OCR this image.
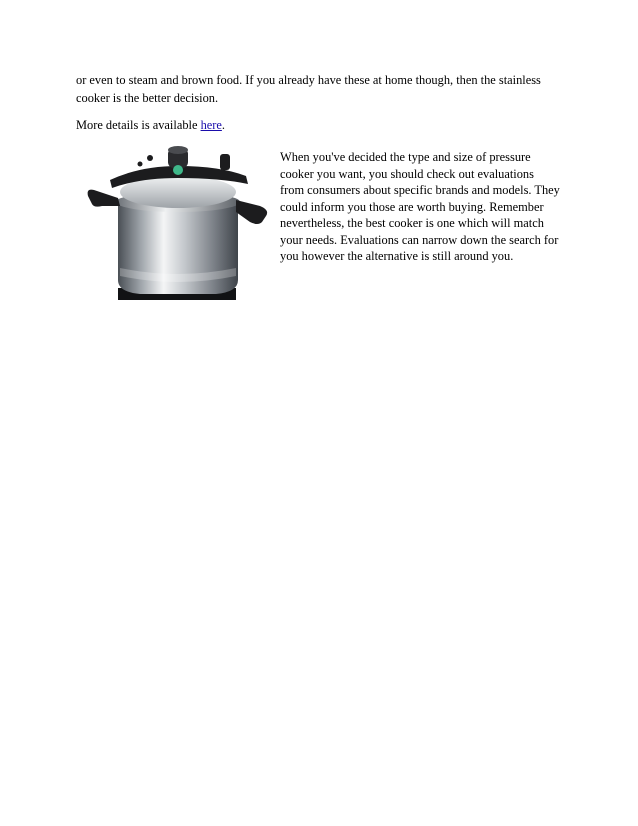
or even to steam and brown food. If you already have these at home though, then the stainless
cooker is the better decision.

More details is available here.

When you've decided the type and size of pressure
cooker you want, you should check out evaluations
from consumers about specific brands and models. They
could inform you those are worth buying. Remember
nevertheless, the best cooker is one which will match
your needs. Evaluations can narrow down the search for
you however the alternative is still around you.
